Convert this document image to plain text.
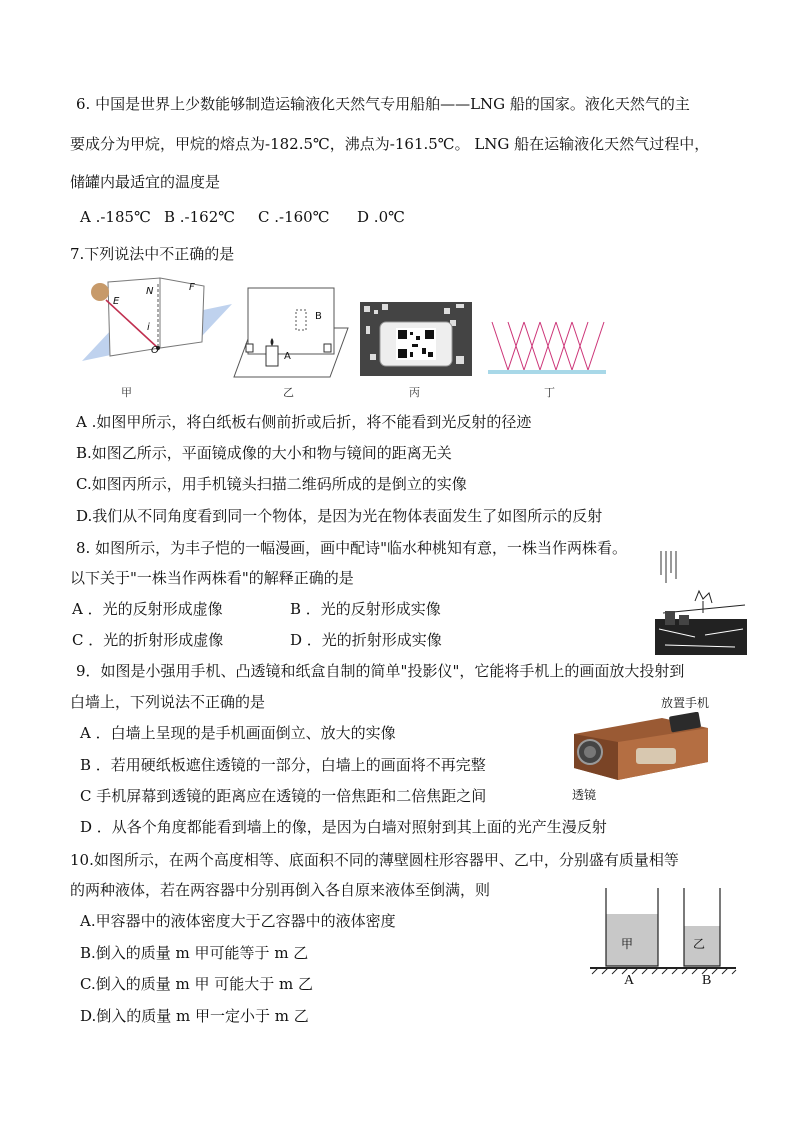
6. 中国是世界上少数能够制造运输液化天然气专用船舶——LNG 船的国家。液化天然气的主
要成分为甲烷，甲烷的熔点为-182.5℃，沸点为-161.5℃。 LNG 船在运输液化天然气过程中，
储罐内最适宜的温度是
A .-185℃ B .-162℃ C .-160℃ D .0℃
7.下列说法中不正确的是
E
N	F
i
O
甲
B
A
乙	丙	丁
A .如图甲所示，将白纸板右侧前折或后折，将不能看到光反射的径迹
B.如图乙所示，平面镜成像的大小和物与镜间的距离无关
C.如图丙所示，用手机镜头扫描二维码所成的是倒立的实像
D.我们从不同角度看到同一个物体，是因为光在物体表面发生了如图所示的反射
8. 如图所示，为丰子恺的一幅漫画，画中配诗"临水种桃知有意，一株当作两株看。
以下关于"一株当作两株看"的解释正确的是
A ．光的反射形成虚像	B ．光的反射形成实像
C ．光的折射形成虚像	D ．光的折射形成实像
9．如图是小强用手机、凸透镜和纸盒自制的简单"投影仪"，它能将手机上的画面放大投射到
白墙上，下列说法不正确的是
A ．白墙上呈现的是手机画面倒立、放大的实像
B ．若用硬纸板遮住透镜的一部分，白墙上的画面将不再完整
C 手机屏幕到透镜的距离应在透镜的一倍焦距和二倍焦距之间
D ．从各个角度都能看到墙上的像，是因为白墙对照射到其上面的光产生漫反射
放置手机
透镜
10.如图所示，在两个高度相等、底面积不同的薄壁圆柱形容器甲、乙中，分别盛有质量相等
的两种液体，若在两容器中分别再倒入各自原来液体至倒满，则
A.甲容器中的液体密度大于乙容器中的液体密度
B.倒入的质量 m 甲可能等于 m 乙
C.倒入的质量 m 甲 可能大于 m 乙
D.倒入的质量 m 甲一定小于 m 乙
甲	乙
A	B
